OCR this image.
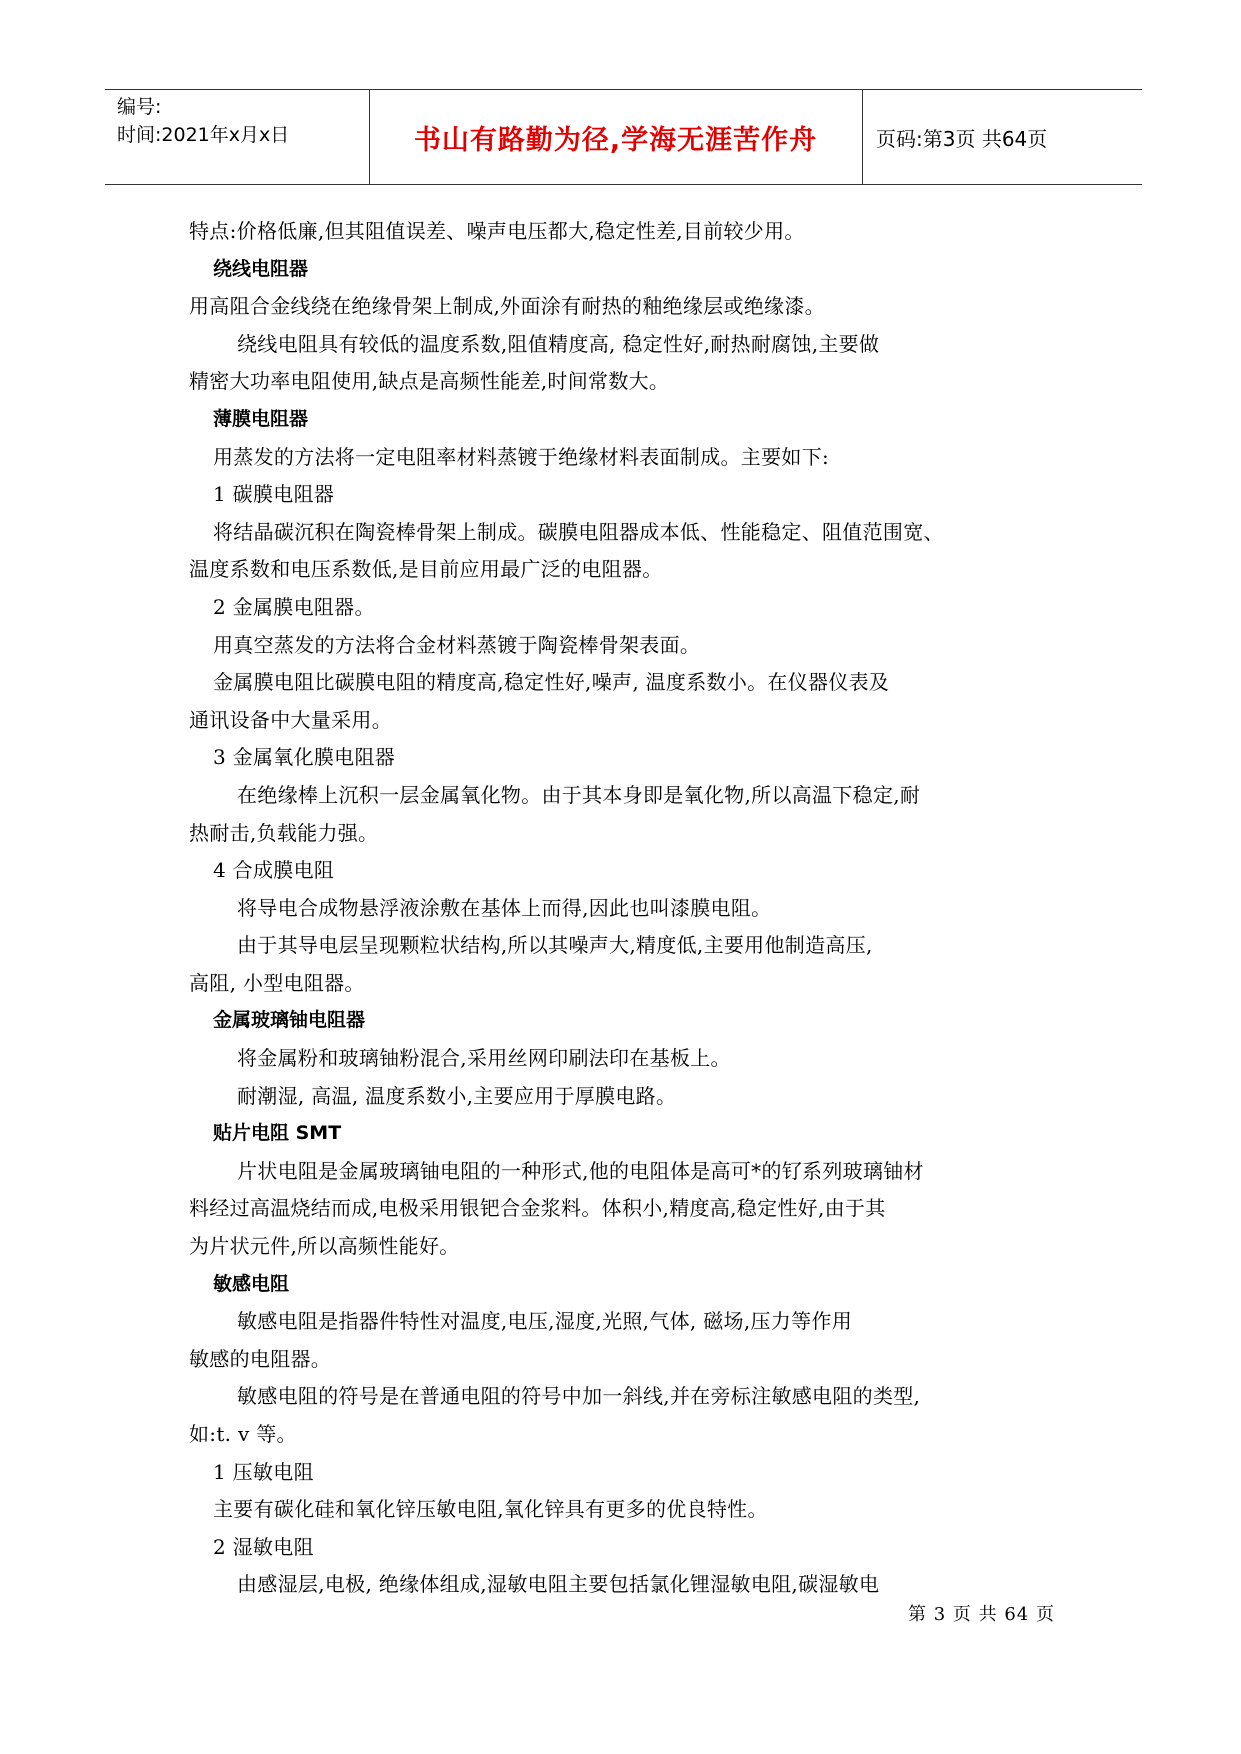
编号:
时间:2021年x月x日	书山有路勤为径,学海无涯苦作舟	页码:第3页 共64页

特点:价格低廉,但其阻值误差、噪声电压都大,稳定性差,目前较少用。

绕线电阻器

用高阻合金线绕在绝缘骨架上制成,外面涂有耐热的釉绝缘层或绝缘漆。

绕线电阻具有较低的温度系数,阻值精度高, 稳定性好,耐热耐腐蚀,主要做

精密大功率电阻使用,缺点是高频性能差,时间常数大。

薄膜电阻器

用蒸发的方法将一定电阻率材料蒸镀于绝缘材料表面制成。主要如下:

1 碳膜电阻器

将结晶碳沉积在陶瓷棒骨架上制成。碳膜电阻器成本低、性能稳定、阻值范围宽、

温度系数和电压系数低,是目前应用最广泛的电阻器。

2 金属膜电阻器。

用真空蒸发的方法将合金材料蒸镀于陶瓷棒骨架表面。

金属膜电阻比碳膜电阻的精度高,稳定性好,噪声, 温度系数小。在仪器仪表及

通讯设备中大量采用。

3 金属氧化膜电阻器

在绝缘棒上沉积一层金属氧化物。由于其本身即是氧化物,所以高温下稳定,耐

热耐击,负载能力强。

4 合成膜电阻

将导电合成物悬浮液涂敷在基体上而得,因此也叫漆膜电阻。

由于其导电层呈现颗粒状结构,所以其噪声大,精度低,主要用他制造高压,

高阻, 小型电阻器。

金属玻璃铀电阻器

将金属粉和玻璃铀粉混合,采用丝网印刷法印在基板上。

耐潮湿, 高温, 温度系数小,主要应用于厚膜电路。

贴片电阻 SMT

片状电阻是金属玻璃铀电阻的一种形式,他的电阻体是高可*的钌系列玻璃铀材

料经过高温烧结而成,电极采用银钯合金浆料。体积小,精度高,稳定性好,由于其

为片状元件,所以高频性能好。

敏感电阻

敏感电阻是指器件特性对温度,电压,湿度,光照,气体, 磁场,压力等作用

敏感的电阻器。

敏感电阻的符号是在普通电阻的符号中加一斜线,并在旁标注敏感电阻的类型,

如:t. v 等。

1 压敏电阻

主要有碳化硅和氧化锌压敏电阻,氧化锌具有更多的优良特性。

2 湿敏电阻

由感湿层,电极, 绝缘体组成,湿敏电阻主要包括氯化锂湿敏电阻,碳湿敏电

第 3 页 共 64 页
